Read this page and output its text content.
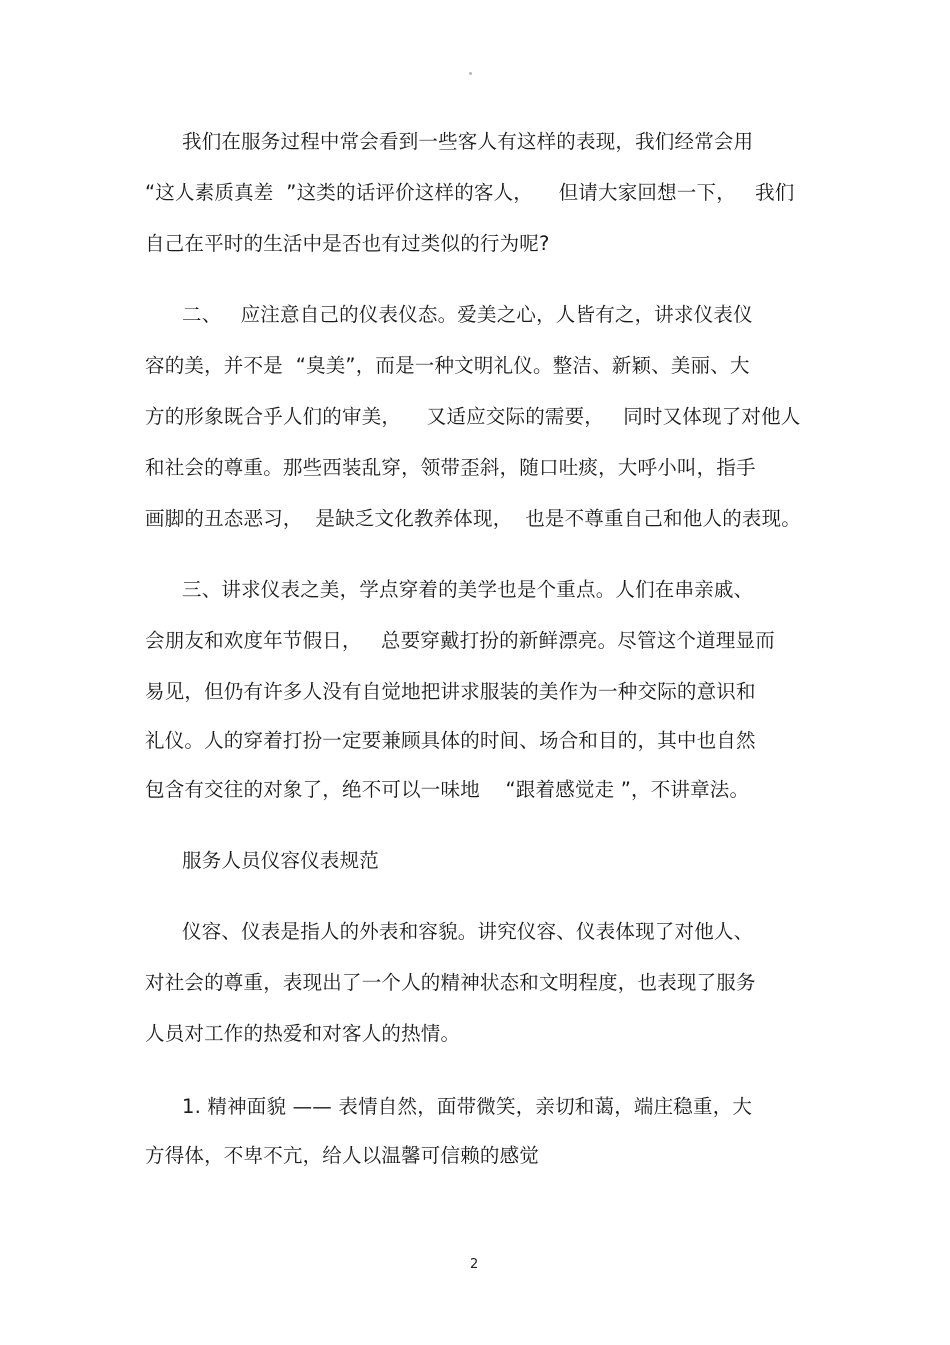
我们在服务过程中常会看到一些客人有这样的表现，我们经常会用

“这人素质真差  ”这类的话评价这样的客人，    但请大家回想一下，   我们

自己在平时的生活中是否也有过类似的行为呢?

二、   应注意自己的仪表仪态。爱美之心，人皆有之，讲求仪表仪

容的美，并不是  “臭美”，而是一种文明礼仪。整洁、新颖、美丽、大

方的形象既合乎人们的审美，    又适应交际的需要，   同时又体现了对他人

和社会的尊重。那些西装乱穿，领带歪斜，随口吐痰，大呼小叫，指手

画脚的丑态恶习，  是缺乏文化教养体现，  也是不尊重自己和他人的表现。

三、讲求仪表之美，学点穿着的美学也是个重点。人们在串亲戚、

会朋友和欢度年节假日，   总要穿戴打扮的新鲜漂亮。尽管这个道理显而

易见，但仍有许多人没有自觉地把讲求服装的美作为一种交际的意识和

礼仪。人的穿着打扮一定要兼顾具体的时间、场合和目的，其中也自然

包含有交往的对象了，绝不可以一味地    “跟着感觉走 ”，不讲章法。

服务人员仪容仪表规范

仪容、仪表是指人的外表和容貌。讲究仪容、仪表体现了对他人、

对社会的尊重，表现出了一个人的精神状态和文明程度，也表现了服务

人员对工作的热爱和对客人的热情。

1. 精神面貌 —— 表情自然，面带微笑，亲切和蔼，端庄稳重，大

方得体，不卑不亢，给人以温馨可信赖的感觉

2
